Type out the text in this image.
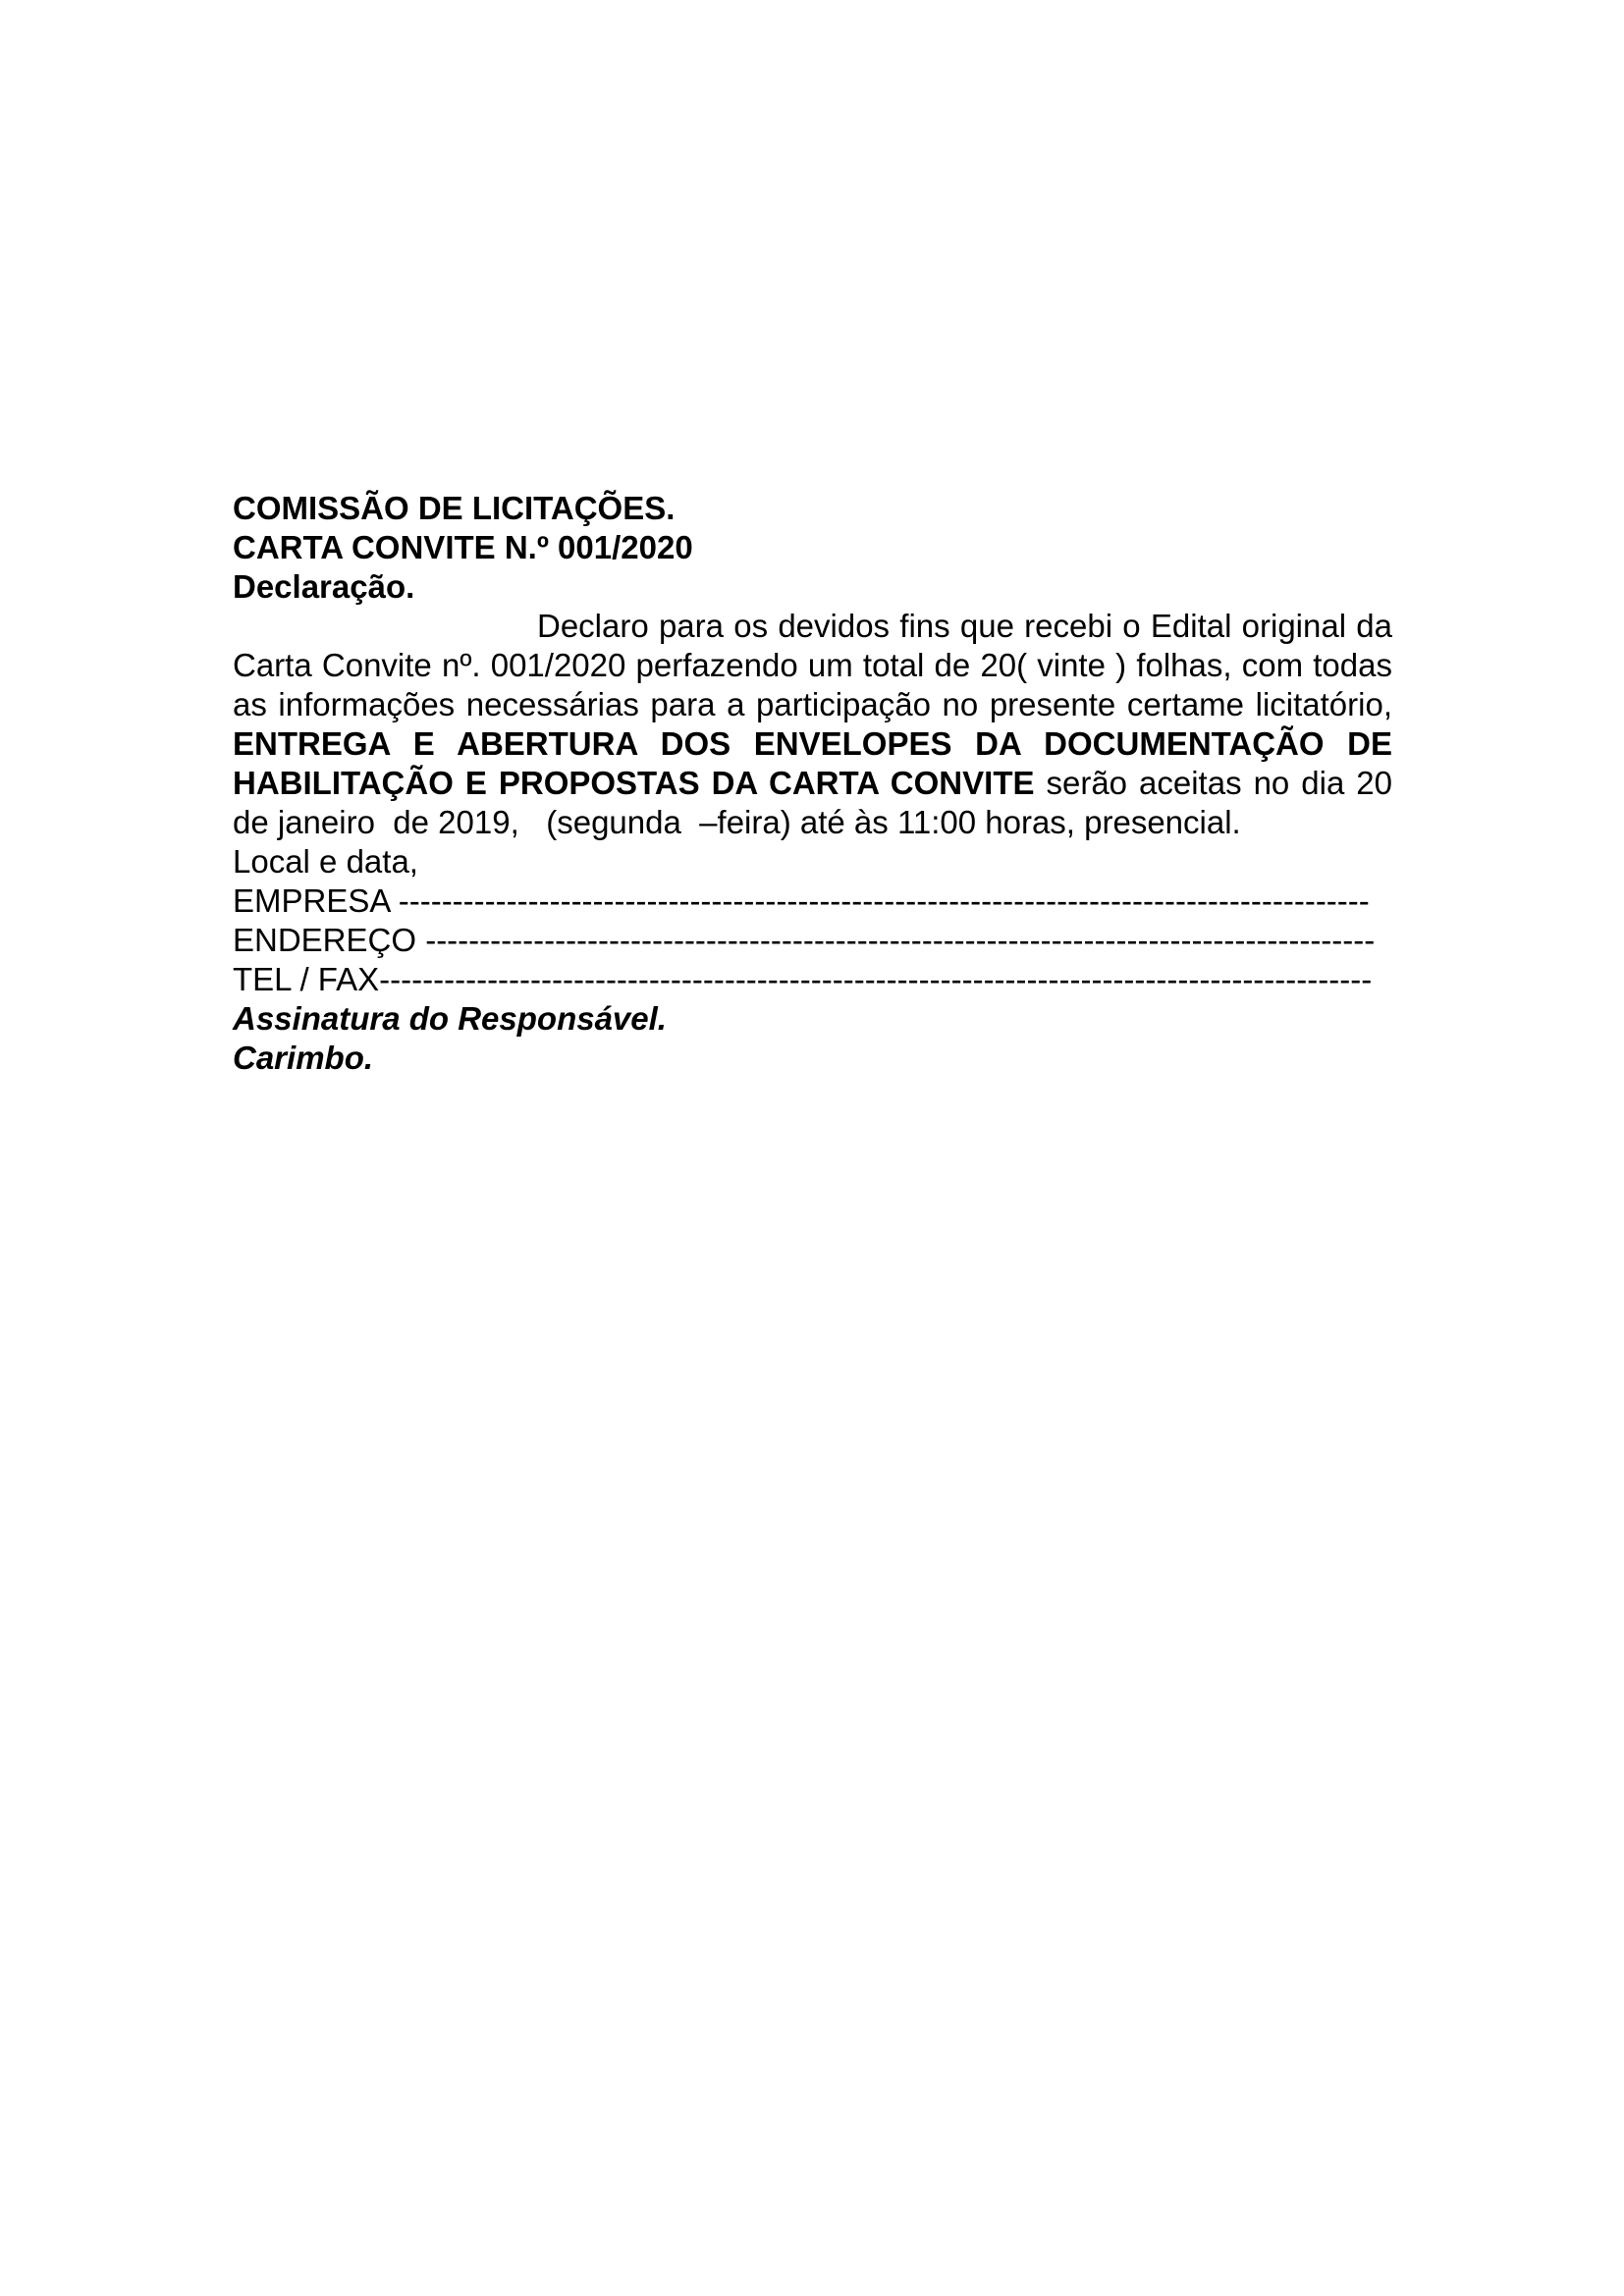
COMISSÃO DE LICITAÇÕES.

CARTA CONVITE N.º 001/2020

Declaração.

Declaro para os devidos fins que recebi o Edital original da
Carta Convite nº. 001/2020 perfazendo um total de 20( vinte ) folhas, com todas
as informações necessárias para a participação no presente certame licitatório,
ENTREGA E ABERTURA DOS ENVELOPES DA DOCUMENTAÇÃO DE
HABILITAÇÃO E PROPOSTAS DA CARTA CONVITE serão aceitas no dia 20
de janeiro  de 2019,   (segunda  –feira) até às 11:00 horas, presencial.

Local e data,

EMPRESA ------------------------------------------------------------------------------------------

ENDEREÇO ----------------------------------------------------------------------------------------

TEL / FAX--------------------------------------------------------------------------------------------

Assinatura do Responsável.

Carimbo.
